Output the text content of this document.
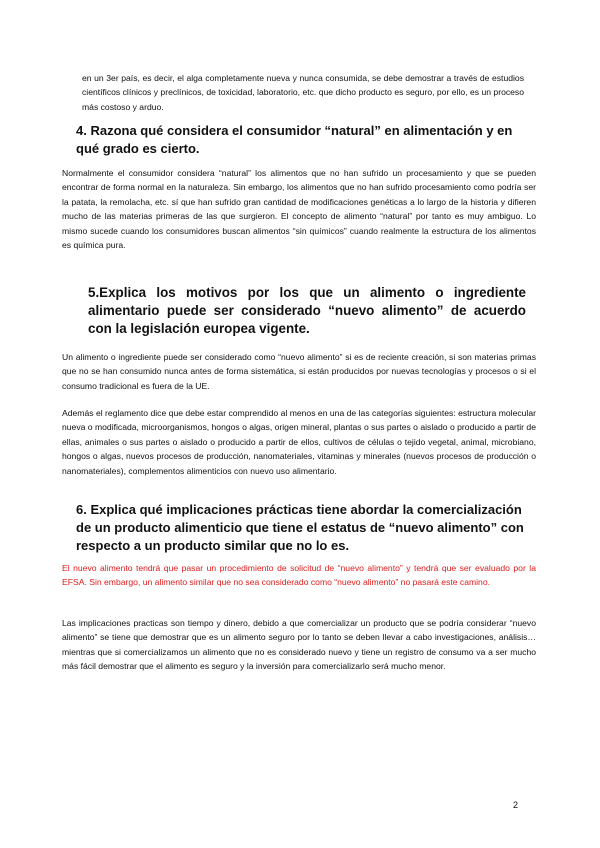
en un 3er país, es decir, el alga completamente nueva y nunca consumida, se debe demostrar a través de estudios científicos clínicos y preclínicos, de toxicidad, laboratorio, etc. que dicho producto es seguro, por ello, es un proceso más costoso y arduo.

4. Razona qué considera el consumidor “natural” en alimentación y en qué grado es cierto.

Normalmente el consumidor considera “natural” los alimentos que no han sufrido un procesamiento y que se pueden encontrar de forma normal en la naturaleza. Sin embargo, los alimentos que no han sufrido procesamiento como podría ser la patata, la remolacha, etc. sí que han sufrido gran cantidad de modificaciones genéticas a lo largo de la historia y difieren mucho de las materias primeras de las que surgieron. El concepto de alimento “natural” por tanto es muy ambiguo. Lo mismo sucede cuando los consumidores buscan alimentos “sin químicos” cuando realmente la estructura de los alimentos es química pura.

5.Explica los motivos por los que un alimento o ingrediente alimentario puede ser considerado “nuevo alimento” de acuerdo con la legislación europea vigente.

Un alimento o ingrediente puede ser considerado como “nuevo alimento” si es de reciente creación, si son materias primas que no se han consumido nunca antes de forma sistemática, si están producidos por nuevas tecnologías y procesos o si el consumo tradicional es fuera de la UE.

Además el reglamento dice que debe estar comprendido al menos en una de las categorías siguientes: estructura molecular nueva o modificada, microorganismos, hongos o algas, origen mineral, plantas o sus partes o aislado o producido a partir de ellas, animales o sus partes o aislado o producido a partir de ellos, cultivos de células o tejido vegetal, animal, microbiano, hongos o algas, nuevos procesos de producción, nanomateriales, vitaminas y minerales (nuevos procesos de producción o nanomateriales), complementos alimenticios con nuevo uso alimentario.

6. Explica qué implicaciones prácticas tiene abordar la comercialización de un producto alimenticio que tiene el estatus de “nuevo alimento” con respecto a un producto similar que no lo es.

El nuevo alimento tendrá que pasar un procedimiento de solicitud de “nuevo alimento” y tendrá que ser evaluado por la EFSA. Sin embargo, un alimento similar que no sea considerado como “nuevo alimento” no pasará este camino.

Las implicaciones practicas son tiempo y dinero, debido a que comercializar un producto que se podría considerar “nuevo alimento” se tiene que demostrar que es un alimento seguro por lo tanto se deben llevar a cabo investigaciones, análisis… mientras que si comercializamos un alimento que no es considerado nuevo y tiene un registro de consumo va a ser mucho más fácil demostrar que el alimento es seguro y la inversión para comercializarlo será mucho menor.

2
